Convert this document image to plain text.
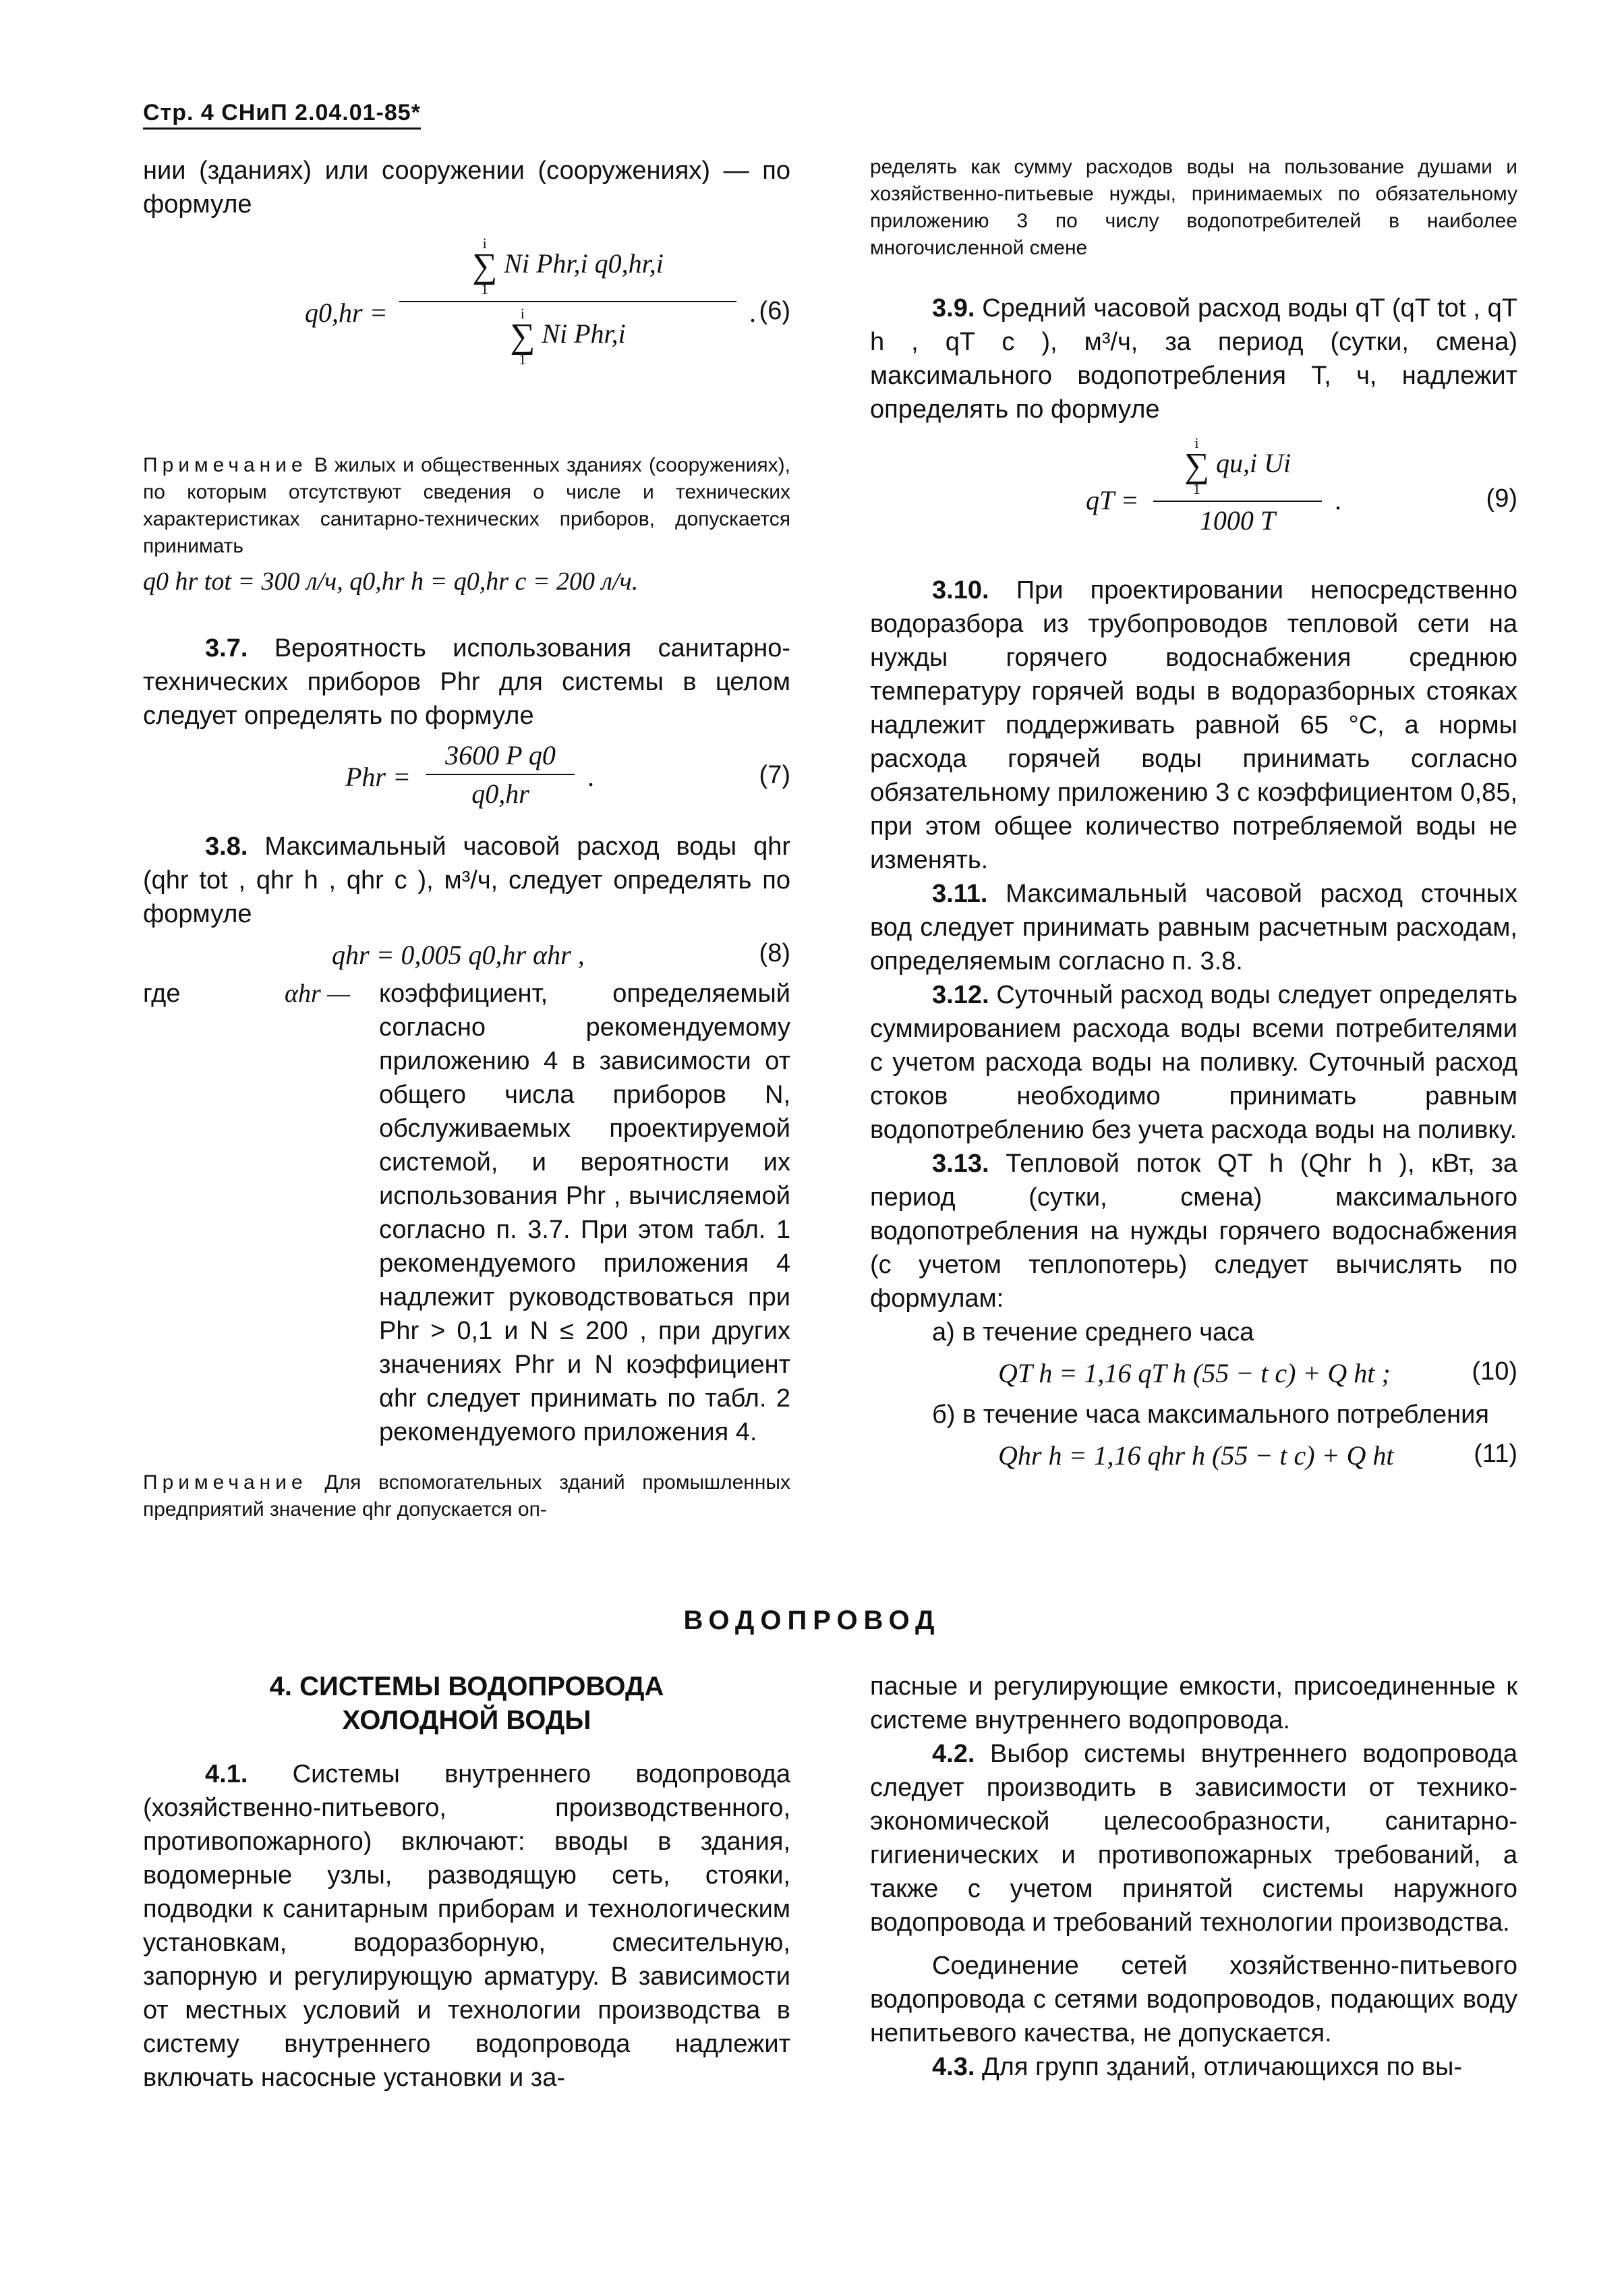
Стр. 4 СНиП 2.04.01-85*

нии (зданиях) или сооружении (сооружениях) — по формуле

q0,hr =
i
∑
1
Ni Phr,i q0,hr,i
i
∑
1
Ni Phr,i
. (6)

Примечание В жилых и общественных зданиях (сооружениях), по которым отсутствуют сведения о числе и технических характеристиках санитарно-технических приборов, допускается принимать

q0 hr tot = 300 л/ч, q0,hr h = q0,hr c = 200 л/ч.

3.7. Вероятность использования санитарно-технических приборов Phr для системы в целом следует определять по формуле

Phr = $\frac{\text{3600 P q0}}{q0,hr}$ .	(7)

3.8. Максимальный часовой расход воды qhr (qhr tot , qhr h , qhr c ), м³/ч, следует определять по формуле

qhr = 0,005 q0,hr αhr ,	(8)
где	αhr —	коэффициент, определяемый согласно рекомендуемому приложению 4 в зависимости от общего числа приборов N, обслуживаемых проектируемой системой, и вероятности их использования Phr , вычисляемой согласно п. 3.7. При этом табл. 1 рекомендуемого приложения 4 надлежит руководствоваться при Phr > 0,1 и N ≤ 200 , при других значениях Phr и N коэффициент αhr следует принимать по табл. 2 рекомендуемого приложения 4.

Примечание Для вспомогательных зданий промышленных предприятий значение qhr допускается оп-

ределять как сумму расходов воды на пользование душами и хозяйственно-питьевые нужды, принимаемых по обязательному приложению 3 по числу водопотребителей в наиболее многочисленной смене

3.9. Средний часовой расход воды qT (qT tot , qT h , qT c ), м³/ч, за период (сутки, смена) максимального водопотребления T, ч, надлежит определять по формуле

qT =
i
∑
1
qu,i Ui
1000 T
.	(9)

3.10. При проектировании непосредственно водоразбора из трубопроводов тепловой сети на нужды горячего водоснабжения среднюю температуру горячей воды в водоразборных стояках надлежит поддерживать равной 65 °С, а нормы расхода горячей воды принимать согласно обязательному приложению 3 с коэффициентом 0,85, при этом общее количество потребляемой воды не изменять.

3.11. Максимальный часовой расход сточных вод следует принимать равным расчетным расходам, определяемым согласно п. 3.8.

3.12. Суточный расход воды следует определять суммированием расхода воды всеми потребителями с учетом расхода воды на поливку. Суточный расход стоков необходимо принимать равным водопотреблению без учета расхода воды на поливку.

3.13. Тепловой поток QT h (Qhr h ), кВт, за период (сутки, смена) максимального водопотребления на нужды горячего водоснабжения (с учетом теплопотерь) следует вычислять по формулам:

а) в течение среднего часа

QT h = 1,16 qT h (55 − t c) + Q ht ;	(10)

б) в течение часа максимального потребления

Qhr h = 1,16 qhr h (55 − t c) + Q ht	(11)
ВОДОПРОВОД

4. СИСТЕМЫ ВОДОПРОВОДА

ХОЛОДНОЙ ВОДЫ

4.1. Системы внутреннего водопровода (хозяйственно-питьевого, производственного, противопожарного) включают: вводы в здания, водомерные узлы, разводящую сеть, стояки, подводки к санитарным приборам и технологическим установкам, водоразборную, смесительную, запорную и регулирующую арматуру. В зависимости от местных условий и технологии производства в систему внутреннего водопровода надлежит включать насосные установки и за-

пасные и регулирующие емкости, присоединенные к системе внутреннего водопровода.

4.2. Выбор системы внутреннего водопровода следует производить в зависимости от технико-экономической целесообразности, санитарно-гигиенических и противопожарных требований, а также с учетом принятой системы наружного водопровода и требований технологии производства.

Соединение сетей хозяйственно-питьевого водопровода с сетями водопроводов, подающих воду непитьевого качества, не допускается.

4.3. Для групп зданий, отличающихся по вы-
